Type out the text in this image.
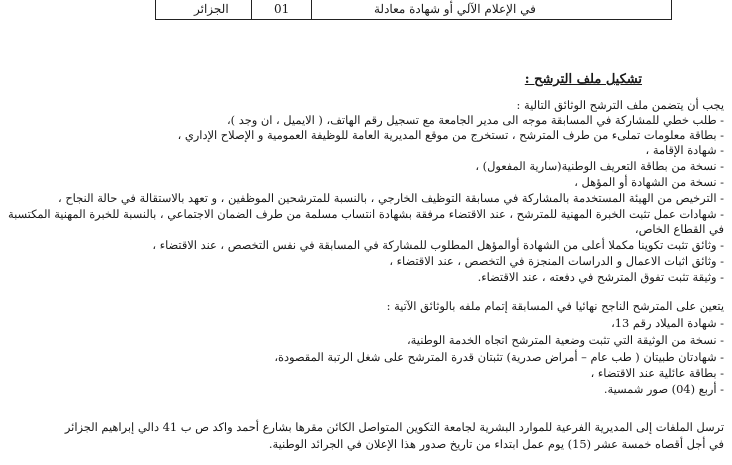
الجزائر	01	في الإعلام الآلي أو شهادة معادلة
تشكيل ملف الترشح :
يجب أن يتضمن ملف الترشح الوثائق التالية :
- طلب خطي للمشاركة في المسابقة موجه الى مدير الجامعة مع تسجيل رقم الهاتف، ( الايميل ، ان وجد )،
- بطاقة معلومات تملىء من طرف المترشح ، تستخرج من موقع المديرية العامة للوظيفة العمومية و الإصلاح الإداري ،
- شهادة الإقامة ،
- نسخة من بطاقة التعريف الوطنية(سارية المفعول) ،
- نسخة من الشهادة أو المؤهل ،
- الترخيص من الهيئة المستخدمة بالمشاركة في مسابقة التوظيف الخارجي ، بالنسبة للمترشحين الموظفين ، و تعهد بالاستقالة في حالة النجاح ،
- شهادات عمل تثبت الخبرة المهنية للمترشح ، عند الاقتضاء مرفقة بشهادة انتساب مسلمة من طرف الضمان الاجتماعي ، بالنسبة للخبرة المهنية المكتسبة
في القطاع الخاص،
- وثائق تثبت تكوينا مكملا أعلى من الشهادة أوالمؤهل المطلوب للمشاركة في المسابقة في نفس التخصص ، عند الاقتضاء ،
- وثائق اثبات الاعمال و الدراسات المنجزة في التخصص ، عند الاقتضاء ،
- وثيقة تثبت تفوق المترشح في دفعته ، عند الاقتضاء.
يتعين على المترشح الناجح نهائيا في المسابقة إتمام ملفه بالوثائق الآتية :
- شهادة الميلاد رقم 13،
- نسخة من الوثيقة التي تثبت وضعية المترشح اتجاه الخدمة الوطنية،
- شهادتان طبيتان ( طب عام – أمراض صدرية) تثبتان قدرة المترشح على شغل الرتبة المقصودة،
- بطاقة عائلية عند الاقتضاء ،
- أربع (04) صور شمسية.
ترسل الملفات إلى المديرية الفرعية للموارد البشرية لجامعة التكوين المتواصل الكائن مقرها بشارع أحمد واكد ص ب 41 دالي إبراهيم الجزائر
في أجل أقصاه خمسة عشر (15) يوم عمل ابتداء من تاريخ صدور هذا الإعلان في الجرائد الوطنية.
